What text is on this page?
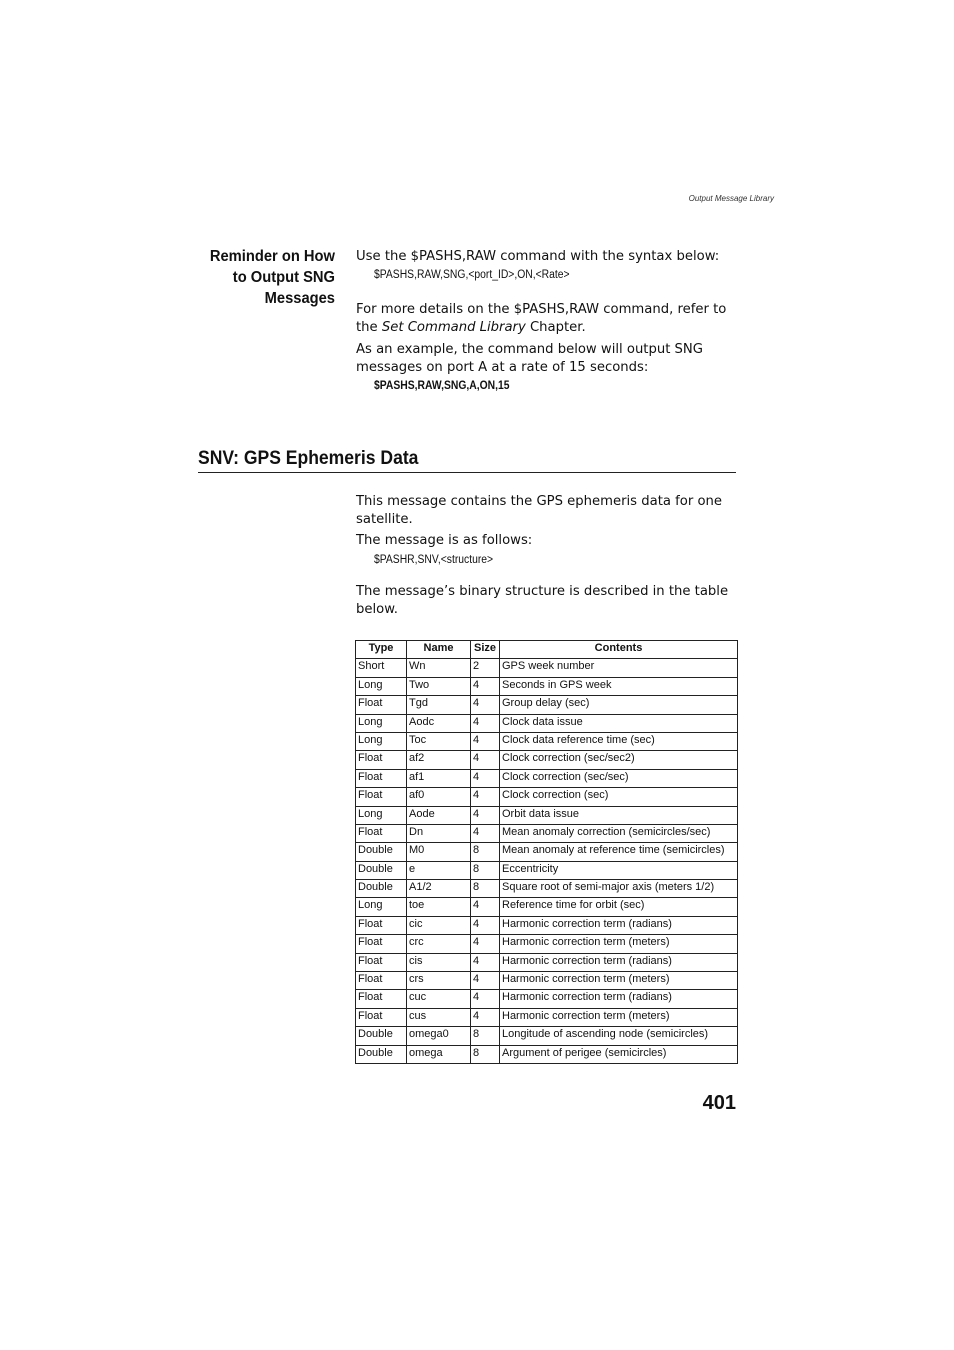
Output Message Library
Reminder on How
to Output SNG
Messages

Use the $PASHS,RAW command with the syntax below:

$PASHS,RAW,SNG,<port_ID>,ON,<Rate>

For more details on the $PASHS,RAW command, refer to the Set Command Library Chapter.

As an example, the command below will output SNG messages on port A at a rate of 15 seconds:

$PASHS,RAW,SNG,A,ON,15

SNV: GPS Ephemeris Data

This message contains the GPS ephemeris data for one satellite.

The message is as follows:

$PASHR,SNV,<structure>

The message’s binary structure is described in the table below.

Type	Name	Size	Contents
Short	Wn	2	GPS week number
Long	Two	4	Seconds in GPS week
Float	Tgd	4	Group delay (sec)
Long	Aodc	4	Clock data issue
Long	Toc	4	Clock data reference time (sec)
Float	af2	4	Clock correction (sec/sec2)
Float	af1	4	Clock correction (sec/sec)
Float	af0	4	Clock correction (sec)
Long	Aode	4	Orbit data issue
Float	Dn	4	Mean anomaly correction (semicircles/sec)
Double	M0	8	Mean anomaly at reference time (semicircles)
Double	e	8	Eccentricity
Double	A1/2	8	Square root of semi-major axis (meters 1/2)
Long	toe	4	Reference time for orbit (sec)
Float	cic	4	Harmonic correction term (radians)
Float	crc	4	Harmonic correction term (meters)
Float	cis	4	Harmonic correction term (radians)
Float	crs	4	Harmonic correction term (meters)
Float	cuc	4	Harmonic correction term (radians)
Float	cus	4	Harmonic correction term (meters)
Double	omega0	8	Longitude of ascending node (semicircles)
Double	omega	8	Argument of perigee (semicircles)
401
